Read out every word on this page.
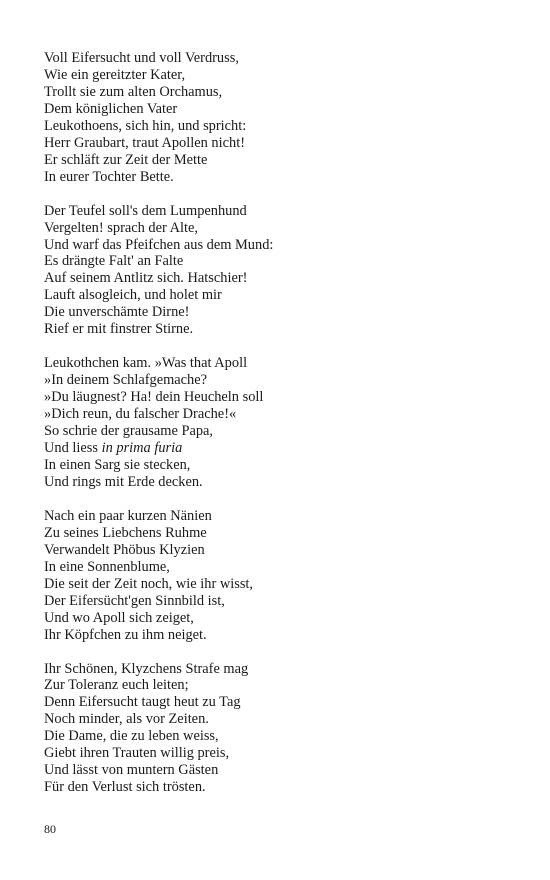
Voll Eifersucht und voll Verdruss,
Wie ein gereitzter Kater,
Trollt sie zum alten Orchamus,
Dem königlichen Vater
Leukothoens, sich hin, und spricht:
Herr Graubart, traut Apollen nicht!
Er schläft zur Zeit der Mette
In eurer Tochter Bette.
Der Teufel soll's dem Lumpenhund
Vergelten! sprach der Alte,
Und warf das Pfeifchen aus dem Mund:
Es drängte Falt' an Falte
Auf seinem Antlitz sich. Hatschier!
Lauft alsogleich, und holet mir
Die unverschämte Dirne!
Rief er mit finstrer Stirne.
Leukothchen kam. »Was that Apoll
»In deinem Schlafgemache?
»Du läugnest? Ha! dein Heucheln soll
»Dich reun, du falscher Drache!«
So schrie der grausame Papa,
Und liess in prima furia
In einen Sarg sie stecken,
Und rings mit Erde decken.
Nach ein paar kurzen Nänien
Zu seines Liebchens Ruhme
Verwandelt Phöbus Klyzien
In eine Sonnenblume,
Die seit der Zeit noch, wie ihr wisst,
Der Eifersücht'gen Sinnbild ist,
Und wo Apoll sich zeiget,
Ihr Köpfchen zu ihm neiget.
Ihr Schönen, Klyzchens Strafe mag
Zur Toleranz euch leiten;
Denn Eifersucht taugt heut zu Tag
Noch minder, als vor Zeiten.
Die Dame, die zu leben weiss,
Giebt ihren Trauten willig preis,
Und lässt von muntern Gästen
Für den Verlust sich trösten.
80
